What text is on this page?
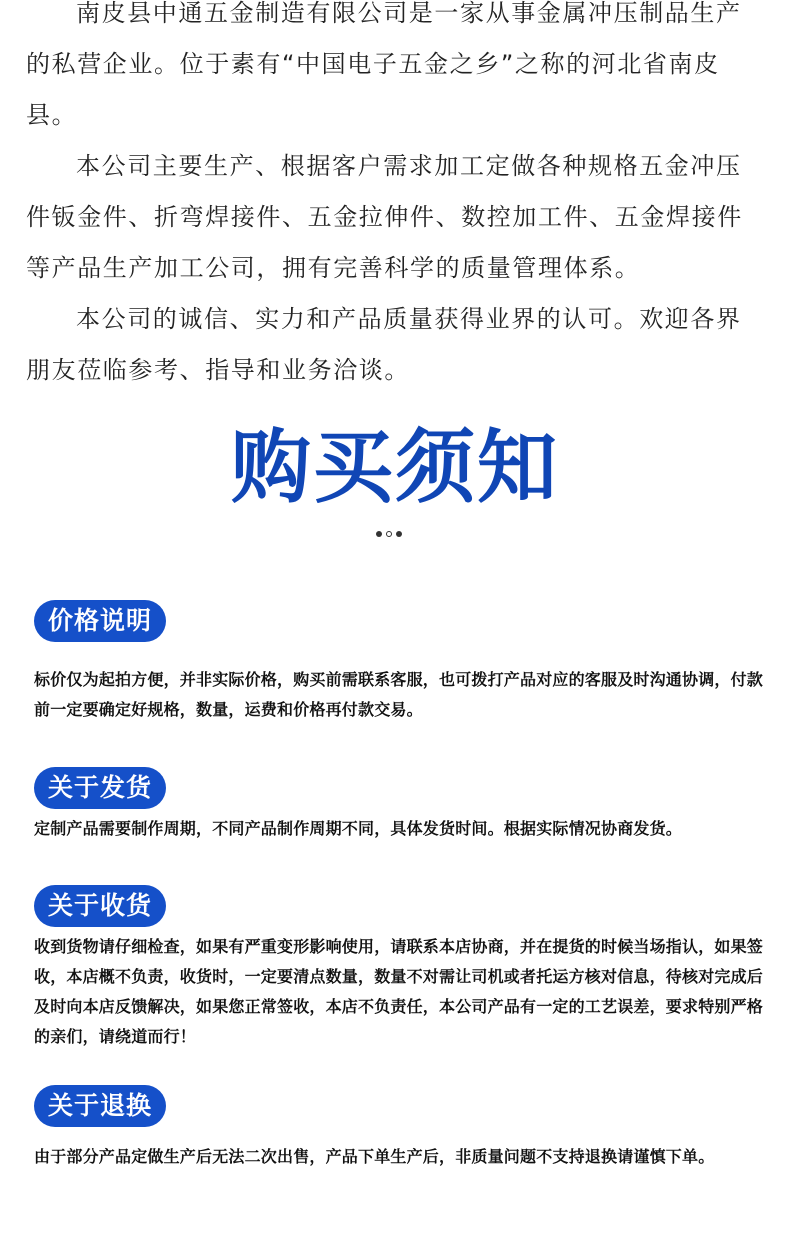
南皮县中通五金制造有限公司是一家从事金属冲压制品生产的私营企业。位于素有“中国电子五金之乡”之称的河北省南皮县。

本公司主要生产、根据客户需求加工定做各种规格五金冲压件钣金件、折弯焊接件、五金拉伸件、数控加工件、五金焊接件等产品生产加工公司，拥有完善科学的质量管理体系。

本公司的诚信、实力和产品质量获得业界的认可。欢迎各界朋友莅临参考、指导和业务洽谈。

购买须知
价格说明

标价仅为起拍方便，并非实际价格，购买前需联系客服，也可拨打产品对应的客服及时沟通协调，付款前一定要确定好规格，数量，运费和价格再付款交易。

关于发货

定制产品需要制作周期，不同产品制作周期不同，具体发货时间。根据实际情况协商发货。

关于收货

收到货物请仔细检查，如果有严重变形影响使用，请联系本店协商，并在提货的时候当场指认，如果签收，本店概不负责，收货时，一定要清点数量，数量不对需让司机或者托运方核对信息，待核对完成后及时向本店反馈解决，如果您正常签收，本店不负责任，本公司产品有一定的工艺误差，要求特别严格的亲们，请绕道而行！

关于退换

由于部分产品定做生产后无法二次出售，产品下单生产后，非质量问题不支持退换请谨慎下单。
